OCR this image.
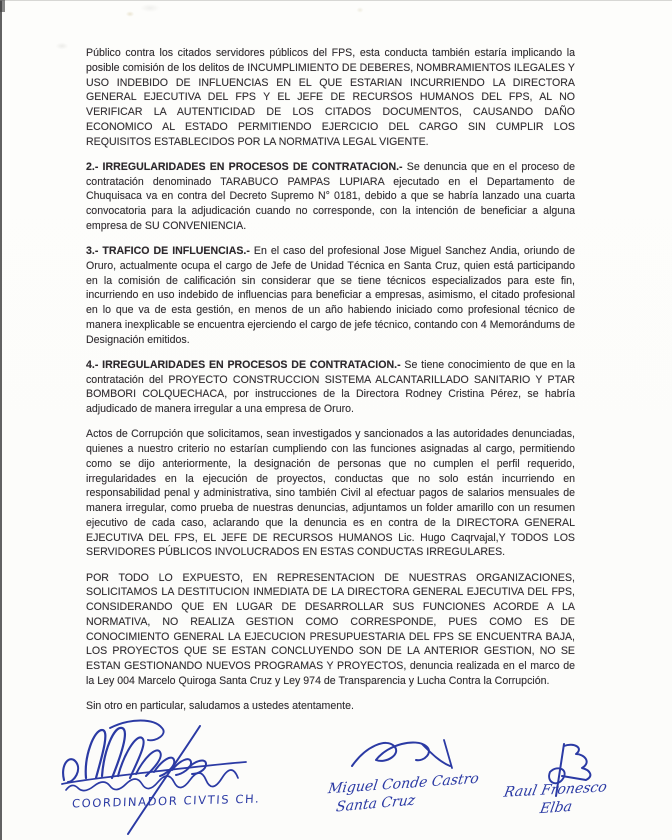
Público contra los citados servidores públicos del FPS, esta conducta también estaría implicando la posible comisión de los delitos de INCUMPLIMIENTO DE DEBERES, NOMBRAMIENTOS ILEGALES Y USO INDEBIDO DE INFLUENCIAS EN EL QUE ESTARIAN INCURRIENDO LA DIRECTORA GENERAL EJECUTIVA DEL FPS Y EL JEFE DE RECURSOS HUMANOS DEL FPS, AL NO VERIFICAR LA AUTENTICIDAD DE LOS CITADOS DOCUMENTOS, CAUSANDO DAÑO ECONOMICO AL ESTADO PERMITIENDO EJERCICIO DEL CARGO SIN CUMPLIR LOS REQUISITOS ESTABLECIDOS POR LA NORMATIVA LEGAL VIGENTE.

2.- IRREGULARIDADES EN PROCESOS DE CONTRATACION.- Se denuncia que en el proceso de contratación denominado TARABUCO PAMPAS LUPIARA ejecutado en el Departamento de Chuquisaca va en contra del Decreto Supremo N° 0181, debido a que se habría lanzado una cuarta convocatoria para la adjudicación cuando no corresponde, con la intención de beneficiar a alguna empresa de SU CONVENIENCIA.

3.- TRAFICO DE INFLUENCIAS.- En el caso del profesional Jose Miguel Sanchez Andia, oriundo de Oruro, actualmente ocupa el cargo de Jefe de Unidad Técnica en Santa Cruz, quien está participando en la comisión de calificación sin considerar que se tiene técnicos especializados para este fin, incurriendo en uso indebido de influencias para beneficiar a empresas, asimismo, el citado profesional en lo que va de esta gestión, en menos de un año habiendo iniciado como profesional técnico de manera inexplicable se encuentra ejerciendo el cargo de jefe técnico, contando con 4 Memorándums de Designación emitidos.

4.- IRREGULARIDADES EN PROCESOS DE CONTRATACION.- Se tiene conocimiento de que en la contratación del PROYECTO CONSTRUCCION SISTEMA ALCANTARILLADO SANITARIO Y PTAR BOMBORI COLQUECHACA, por instrucciones de la Directora Rodney Cristina Pérez, se habría adjudicado de manera irregular a una empresa de Oruro.

Actos de Corrupción que solicitamos, sean investigados y sancionados a las autoridades denunciadas, quienes a nuestro criterio no estarían cumpliendo con las funciones asignadas al cargo, permitiendo como se dijo anteriormente, la designación de personas que no cumplen el perfil requerido, irregularidades en la ejecución de proyectos, conductas que no solo están incurriendo en responsabilidad penal y administrativa, sino también Civil al efectuar pagos de salarios mensuales de manera irregular, como prueba de nuestras denuncias, adjuntamos un folder amarillo con un resumen ejecutivo de cada caso, aclarando que la denuncia es en contra de la DIRECTORA GENERAL EJECUTIVA DEL FPS, EL JEFE DE RECURSOS HUMANOS Lic. Hugo Caqrvajal,Y TODOS LOS SERVIDORES PÚBLICOS INVOLUCRADOS EN ESTAS CONDUCTAS IRREGULARES.

POR TODO LO EXPUESTO, EN REPRESENTACION DE NUESTRAS ORGANIZACIONES, SOLICITAMOS LA DESTITUCION INMEDIATA DE LA DIRECTORA GENERAL EJECUTIVA DEL FPS, CONSIDERANDO QUE EN LUGAR DE DESARROLLAR SUS FUNCIONES ACORDE A LA NORMATIVA, NO REALIZA GESTION COMO CORRESPONDE, PUES COMO ES DE CONOCIMIENTO GENERAL LA EJECUCION PRESUPUESTARIA DEL FPS SE ENCUENTRA BAJA, LOS PROYECTOS QUE SE ESTAN CONCLUYENDO SON DE LA ANTERIOR GESTION, NO SE ESTAN GESTIONANDO NUEVOS PROGRAMAS Y PROYECTOS, denuncia realizada en el marco de la Ley 004 Marcelo Quiroga Santa Cruz y Ley 974 de Transparencia y Lucha Contra la Corrupción.

Sin otro en particular, saludamos a ustedes atentamente.

COORDINADOR CIVTIS CH.
Miguel Conde Castro
Santa Cruz
Raul Fronesco
Elba
